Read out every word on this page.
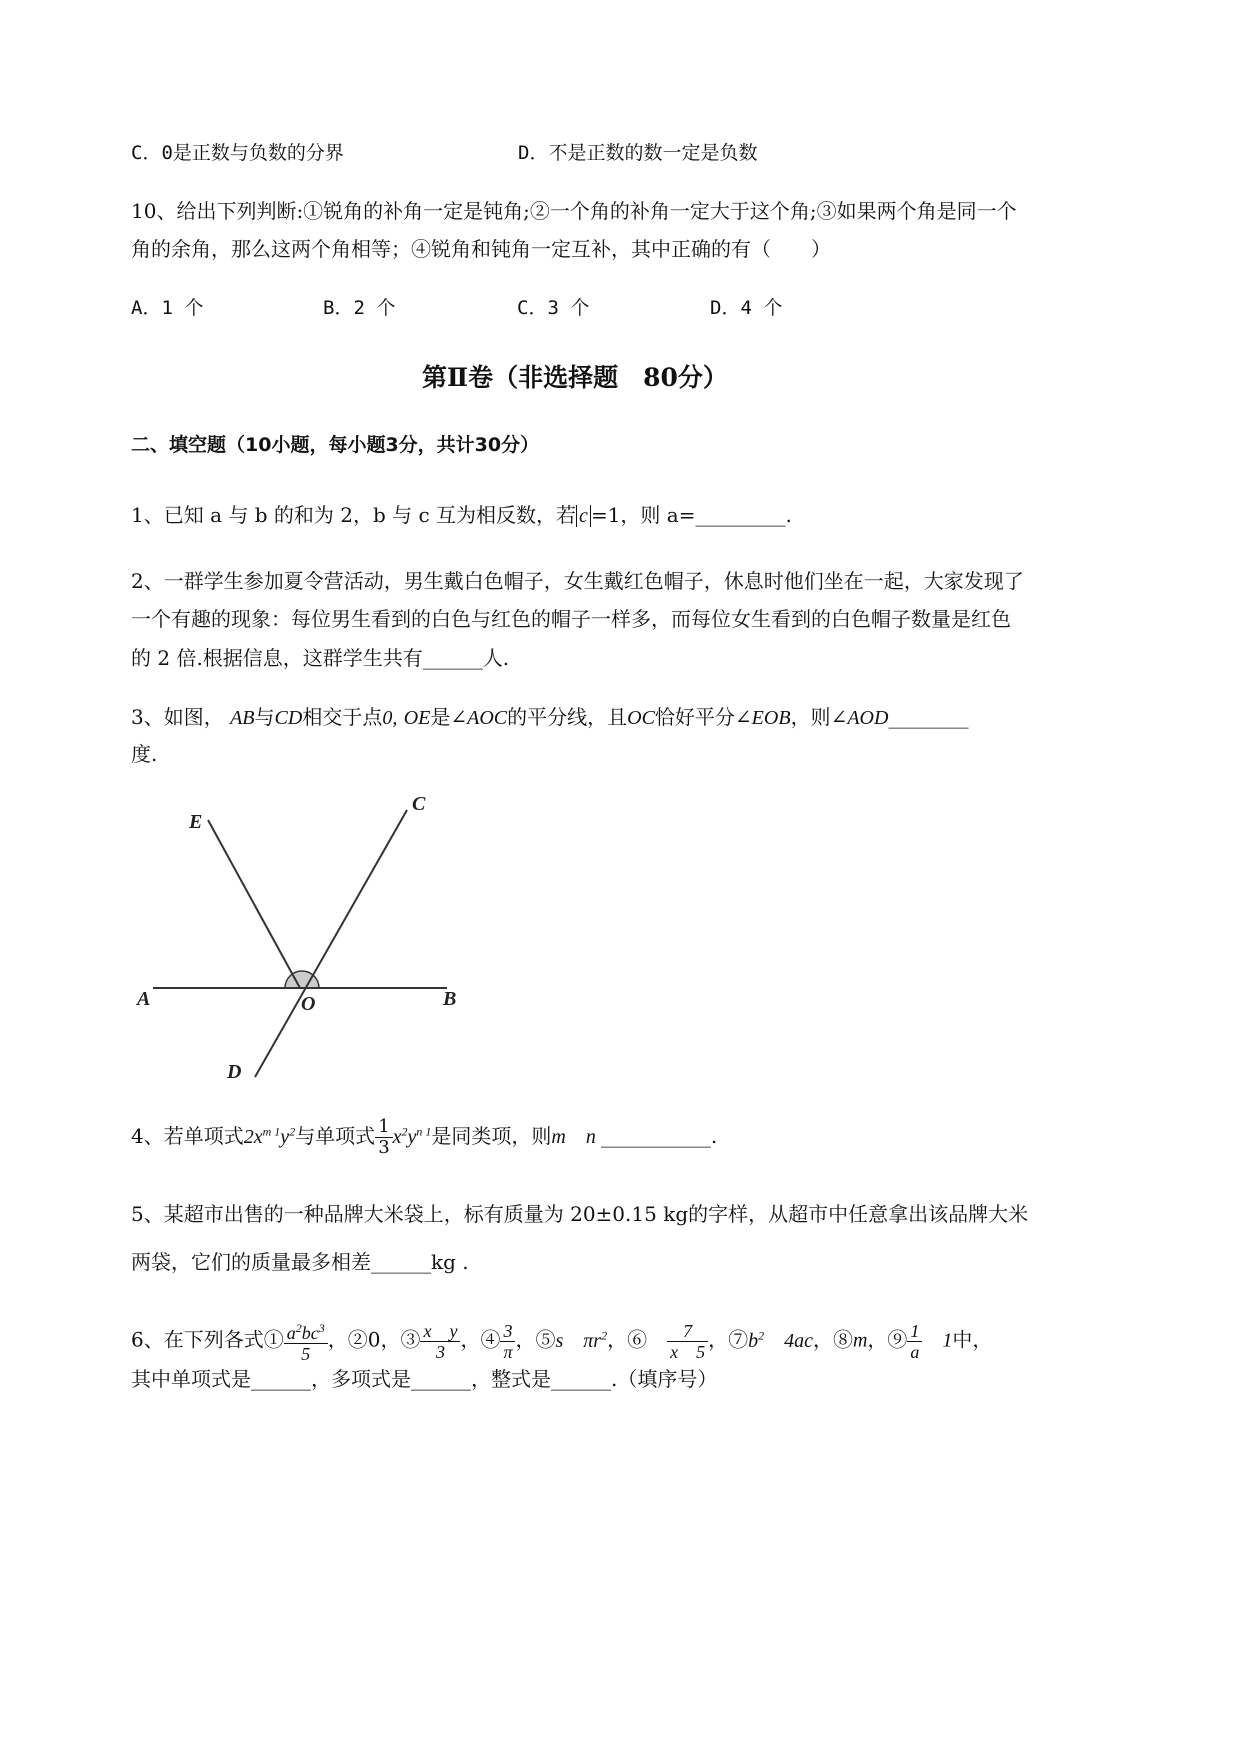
C．0是正数与负数的分界	D．不是正数的数一定是负数
10、给出下列判断:①锐角的补角一定是钝角;②一个角的补角一定大于这个角;③如果两个角是同一个
角的余角，那么这两个角相等；④锐角和钝角一定互补，其中正确的有（　　）
A．1 个	B．2 个	C．3 个	D．4 个
第Ⅱ卷（非选择题　80分）
二、填空题（10小题，每小题3分，共计30分）
1、已知 a 与 b 的和为 2，b 与 c 互为相反数，若 c =1，则 a=_________.
2、一群学生参加夏令营活动，男生戴白色帽子，女生戴红色帽子，休息时他们坐在一起，大家发现了
一个有趣的现象：每位男生看到的白色与红色的帽子一样多，而每位女生看到的白色帽子数量是红色
的 2 倍.根据信息，这群学生共有______人.
3、如图， AB与CD相交于点0, OE是∠AOC的平分线，且OC恰好平分∠EOB，则∠AOD________
度.
E
C
A	O	B
D
4、若单项式$2x^{m 1}y^2$与单项式 $\frac{1}{3} x^2y^{n 1}$是同类项，则m　n ___________.
5、某超市出售的一种品牌大米袋上，标有质量为 20±0.15 kg的字样，从超市中任意拿出该品牌大米
两袋，它们的质量最多相差______kg .
6、在下列各式① $\frac{a^2bc^3}{5}$ ，②0，③ $\frac{\text{x　y}}{3}$ ，④ $\frac{3}{\pi}$ ，⑤s　$\pi r^2$，⑥　 $\frac{7}{x 5}$ ，$⑦b^2$　4ac，⑧m，⑨ $\frac{1}{a}$ 　1中，
其中单项式是______，多项式是______，整式是______.（填序号）
